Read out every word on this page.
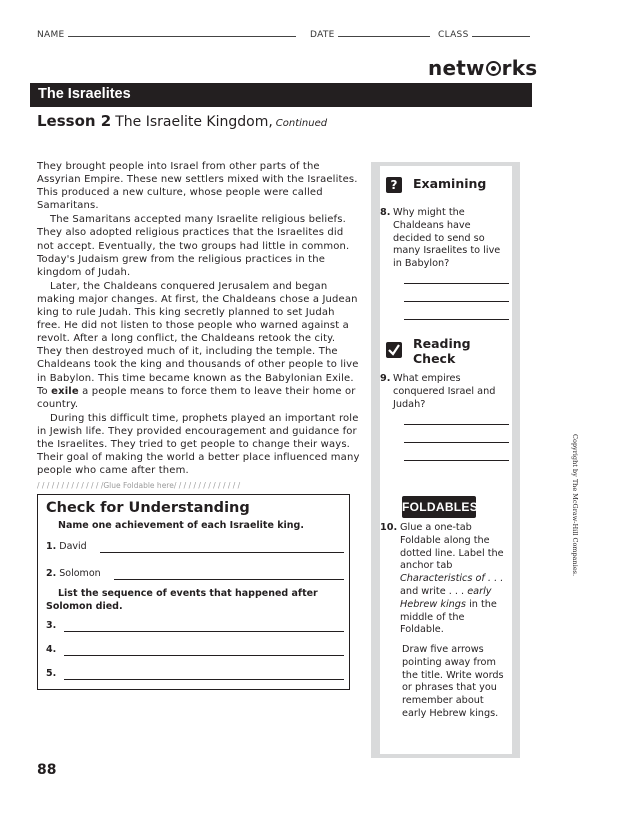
NAME	DATE	CLASS
netw rks
The Israelites
Lesson 2 The Israelite Kingdom, Continued

They brought people into Israel from other parts of the Assyrian Empire. These new settlers mixed with the Israelites. This produced a new culture, whose people were called Samaritans.

The Samaritans accepted many Israelite religious beliefs. They also adopted religious practices that the Israelites did not accept. Eventually, the two groups had little in common. Today's Judaism grew from the religious practices in the kingdom of Judah.

Later, the Chaldeans conquered Jerusalem and began making major changes. At first, the Chaldeans chose a Judean king to rule Judah. This king secretly planned to set Judah free. He did not listen to those people who warned against a revolt. After a long conflict, the Chaldeans retook the city. They then destroyed much of it, including the temple. The Chaldeans took the king and thousands of other people to live in Babylon. This time became known as the Babylonian Exile. To exile a people means to force them to leave their home or country.

During this difficult time, prophets played an important role in Jewish life. They provided encouragement and guidance for the Israelites. They tried to get people to change their ways. Their goal of making the world a better place influenced many people who came after them.

/ / / / / / / / / / / / / /Glue Foldable here/ / / / / / / / / / / / / /
Check for Understanding
Name one achievement of each Israelite king.
1. David
2. Solomon
List the sequence of events that happened after
Solomon died.
3.
4.
5.
?	Examining
8. Why might the Chaldeans have decided to send so many Israelites to live in Babylon?
Reading
Check
9. What empires conquered Israel and Judah?
FOLDABLES
10. Glue a one-tab Foldable along the dotted line. Label the anchor tab Characteristics of . . . and write . . . early Hebrew kings in the middle of the Foldable.
Draw five arrows pointing away from the title. Write words or phrases that you remember about early Hebrew kings.
88
Copyright by The McGraw-Hill Companies.
